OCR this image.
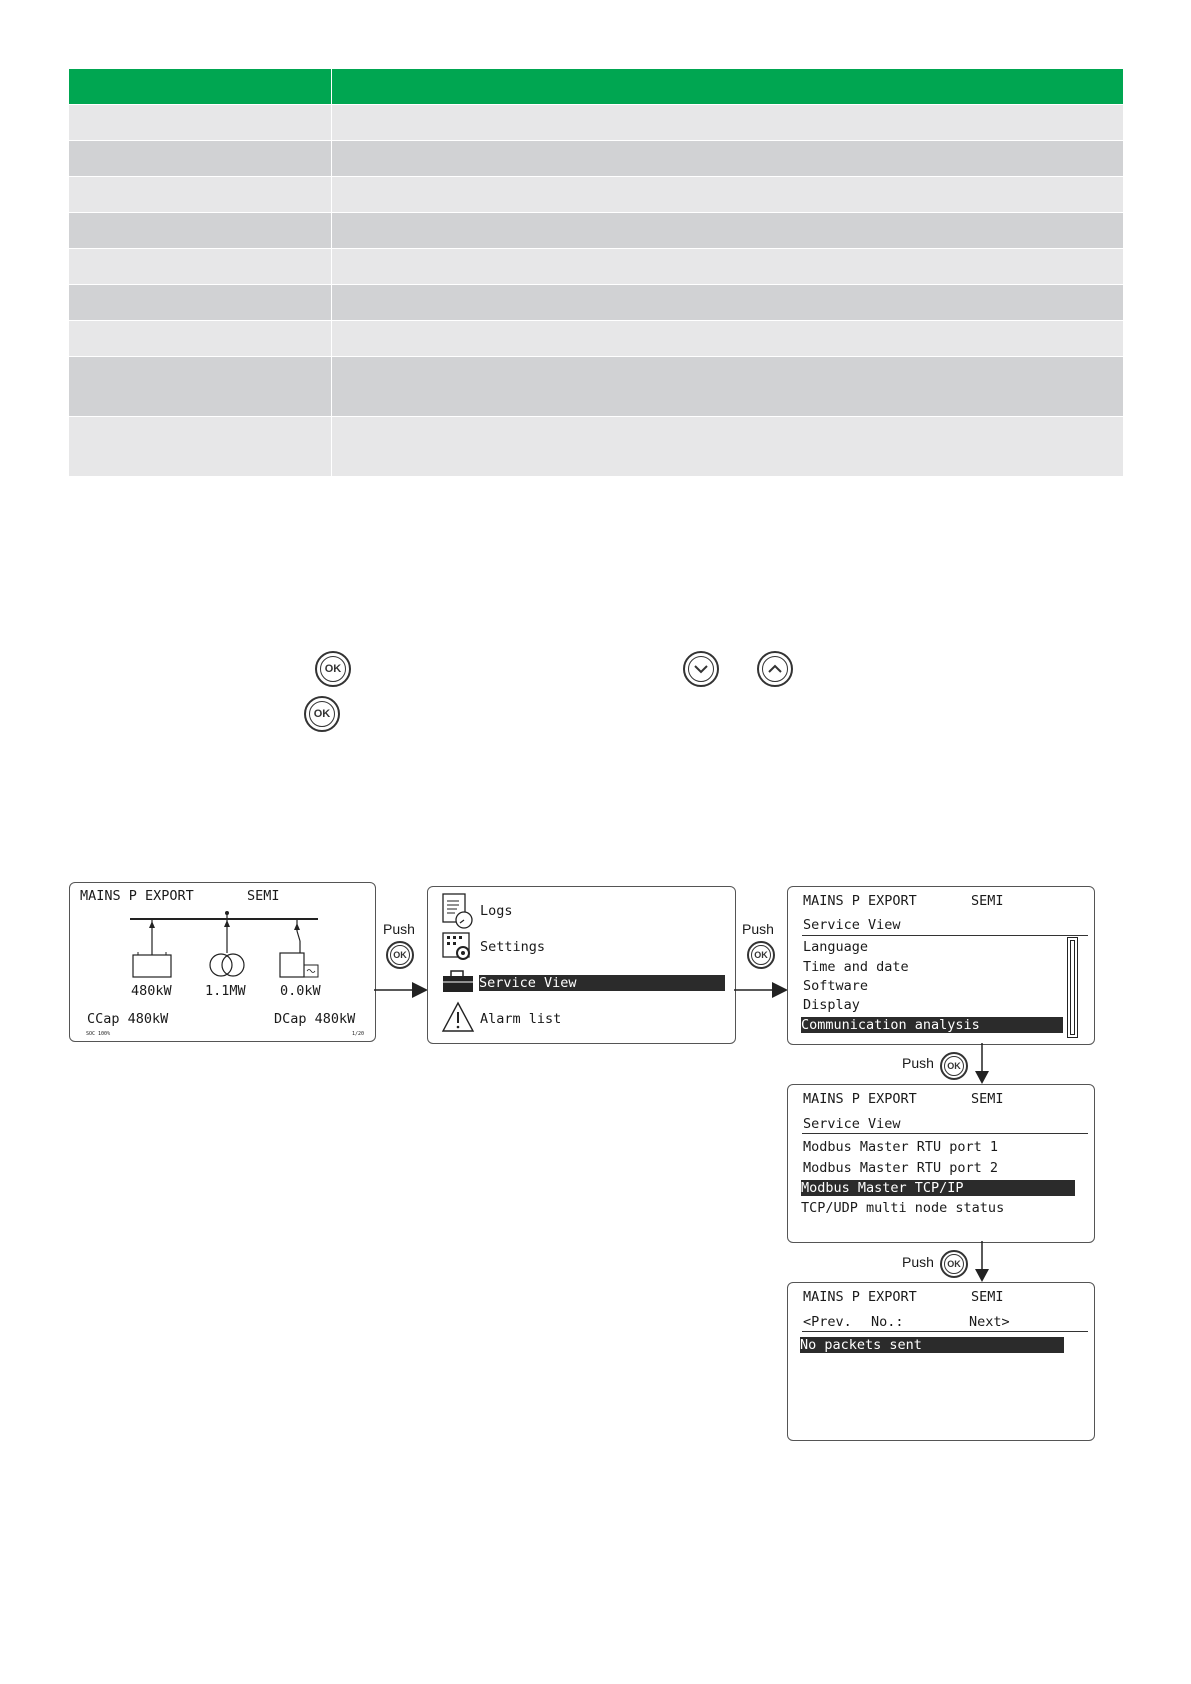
OK
OK
MAINS P EXPORT	SEMI
480kW 1.1MW	0.0kW
CCap 480kW	DCap 480kW
SOC 100%	1/20
Push
OK
Logs
Settings
Service View
Alarm list
Push
OK
MAINS P EXPORT	SEMI
Service View
Language
Time and date
Software
Display
Communication analysis
Push	OK
MAINS P EXPORT	SEMI
Service View
Modbus Master RTU port 1
Modbus Master RTU port 2
Modbus Master TCP/IP
TCP/UDP multi node status
Push	OK
MAINS P EXPORT	SEMI
<Prev. No.:	Next>
No packets sent
